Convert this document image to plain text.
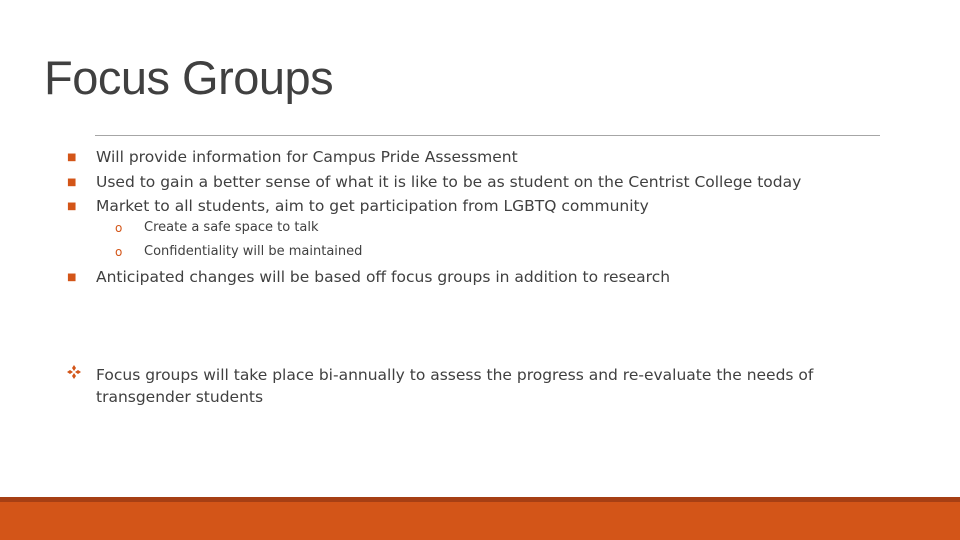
Focus Groups
■ Will provide information for Campus Pride Assessment
■ Used to gain a better sense of what it is like to be as student on the Centrist College today
■ Market to all students, aim to get participation from LGBTQ community
o Create a safe space to talk
o Confidentiality will be maintained
■ Anticipated changes will be based off focus groups in addition to research
Focus groups will take place bi-annually to assess the progress and re-evaluate the needs of transgender students
